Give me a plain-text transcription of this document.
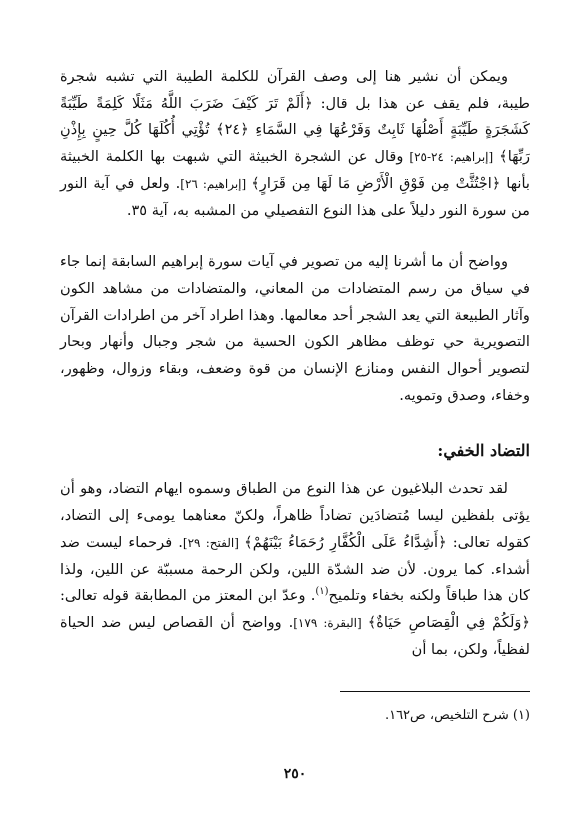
ويمكن أن نشير هنا إلى وصف القرآن للكلمة الطيبة التي تشبه شجرة طيبة، فلم يقف عن هذا بل قال: ﴿أَلَمْ تَرَ كَيْفَ ضَرَبَ اللَّهُ مَثَلًا كَلِمَةً طَيِّبَةً كَشَجَرَةٍ طَيِّبَةٍ أَصْلُهَا ثَابِتٌ وَفَرْعُهَا فِي السَّمَاءِ ﴿٢٤﴾ تُؤْتِي أُكُلَهَا كُلَّ حِينٍ بِإِذْنِ رَبِّهَا﴾ [إبراهيم: ٢٤-٢٥] وقال عن الشجرة الخبيثة التي شبهت بها الكلمة الخبيثة بأنها ﴿اجْتُثَّتْ مِن فَوْقِ الْأَرْضِ مَا لَهَا مِن قَرَارٍ﴾ [إبراهيم: ٢٦]. ولعل في آية النور من سورة النور دليلاً على هذا النوع التفصيلي من المشبه به، آية ٣٥.

وواضح أن ما أشرنا إليه من تصوير في آيات سورة إبراهيم السابقة إنما جاء في سياق من رسم المتضادات من المعاني، والمتضادات من مشاهد الكون وآثار الطبيعة التي يعد الشجر أحد معالمها. وهذا اطراد آخر من اطرادات القرآن التصويرية حي توظف مظاهر الكون الحسية من شجر وجبال وأنهار وبحار لتصوير أحوال النفس ومنازع الإنسان من قوة وضعف، وبقاء وزوال، وظهور، وخفاء، وصدق وتمويه.

التضاد الخفي:

لقد تحدث البلاغيون عن هذا النوع من الطباق وسموه ايهام التضاد، وهو أن يؤتى بلفظين ليسا مُتضادَين تضاداً ظاهراً، ولكنّ معناهما يومىء إلى التضاد، كقوله تعالى: ﴿أَشِدَّاءُ عَلَى الْكُفَّارِ رُحَمَاءُ بَيْنَهُمْ﴾ [الفتح: ٢٩]. فرحماء ليست ضد أشداء. كما يرون. لأن ضد الشدّة اللين، ولكن الرحمة مسببّة عن اللين، ولذا كان هذا طباقاً ولكنه بخفاء وتلميح$^{(١)}$. وعدّ ابن المعتز من المطابقة قوله تعالى: ﴿وَلَكُمْ فِي الْقِصَاصِ حَيَاةٌ﴾ [البقرة: ١٧٩]. وواضح أن القصاص ليس ضد الحياة لفظياً، ولكن، بما أن

(١) شرح التلخيص، ص١٦٢.
٢٥٠
